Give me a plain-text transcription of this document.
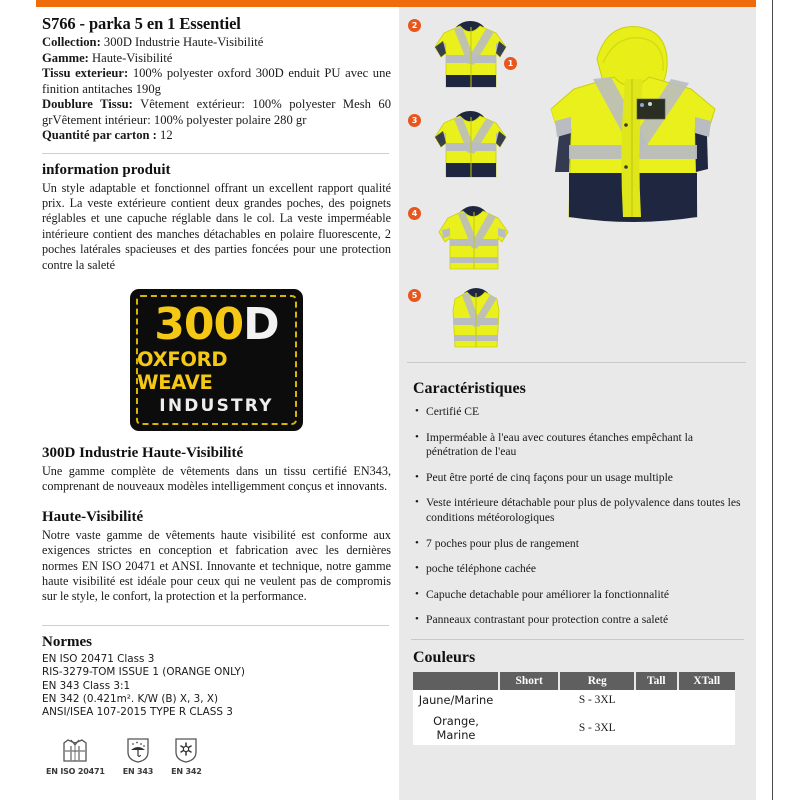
S766 - parka 5 en 1 Essentiel
Collection: 300D Industrie Haute-Visibilité
Gamme: Haute-Visibilité
Tissu exterieur: 100% polyester oxford 300D enduit PU avec une finition antitaches 190g
Doublure Tissu: Vêtement extérieur: 100% polyester Mesh 60 grVêtement intérieur: 100% polyester polaire 280 gr
Quantité par carton : 12
information produit

Un style adaptable et fonctionnel offrant un excellent rapport qualité prix. La veste extérieure contient deux grandes poches, des poignets réglables et une capuche réglable dans le col. La veste imperméable intérieure contient des manches détachables en polaire fluorescente, 2 poches latérales spacieuses et des parties foncées pour une protection contre la saleté

300D
OXFORD WEAVE
INDUSTRY
300D Industrie Haute-Visibilité

Une gamme complète de vêtements dans un tissu certifié EN343, comprenant de nouveaux modèles intelligemment conçus et innovants.

Haute-Visibilité

Notre vaste gamme de vêtements haute visibilité est conforme aux exigences strictes en conception et fabrication avec les dernières normes EN ISO 20471 et ANSI. Innovante et technique, notre gamme haute visibilité est idéale pour ceux qui ne veulent pas de compromis sur le style, le confort, la protection et la performance.

Normes
EN ISO 20471 Class 3
RIS-3279-TOM ISSUE 1 (ORANGE ONLY)
EN 343 Class 3:1
EN 342 (0.421m². K/W (B) X, 3, X)
ANSI/ISEA 107-2015 TYPE R CLASS 3
EN ISO 20471 EN 343 EN 342
1
2
3
4
5
Caractéristiques
• Certifié CE
• Imperméable à l'eau avec coutures étanches empêchant la pénétration de l'eau
• Peut être porté de cinq façons pour un usage multiple
• Veste intérieure détachable pour plus de polyvalence dans toutes les conditions météorologiques
• 7 poches pour plus de rangement
• poche téléphone cachée
• Capuche detachable pour améliorer la fonctionnalité
• Panneaux contrastant pour protection contre a saleté
Couleurs
	Short	Reg	Tall	XTall
Jaune/Marine		S - 3XL		
Orange, Marine		S - 3XL		
